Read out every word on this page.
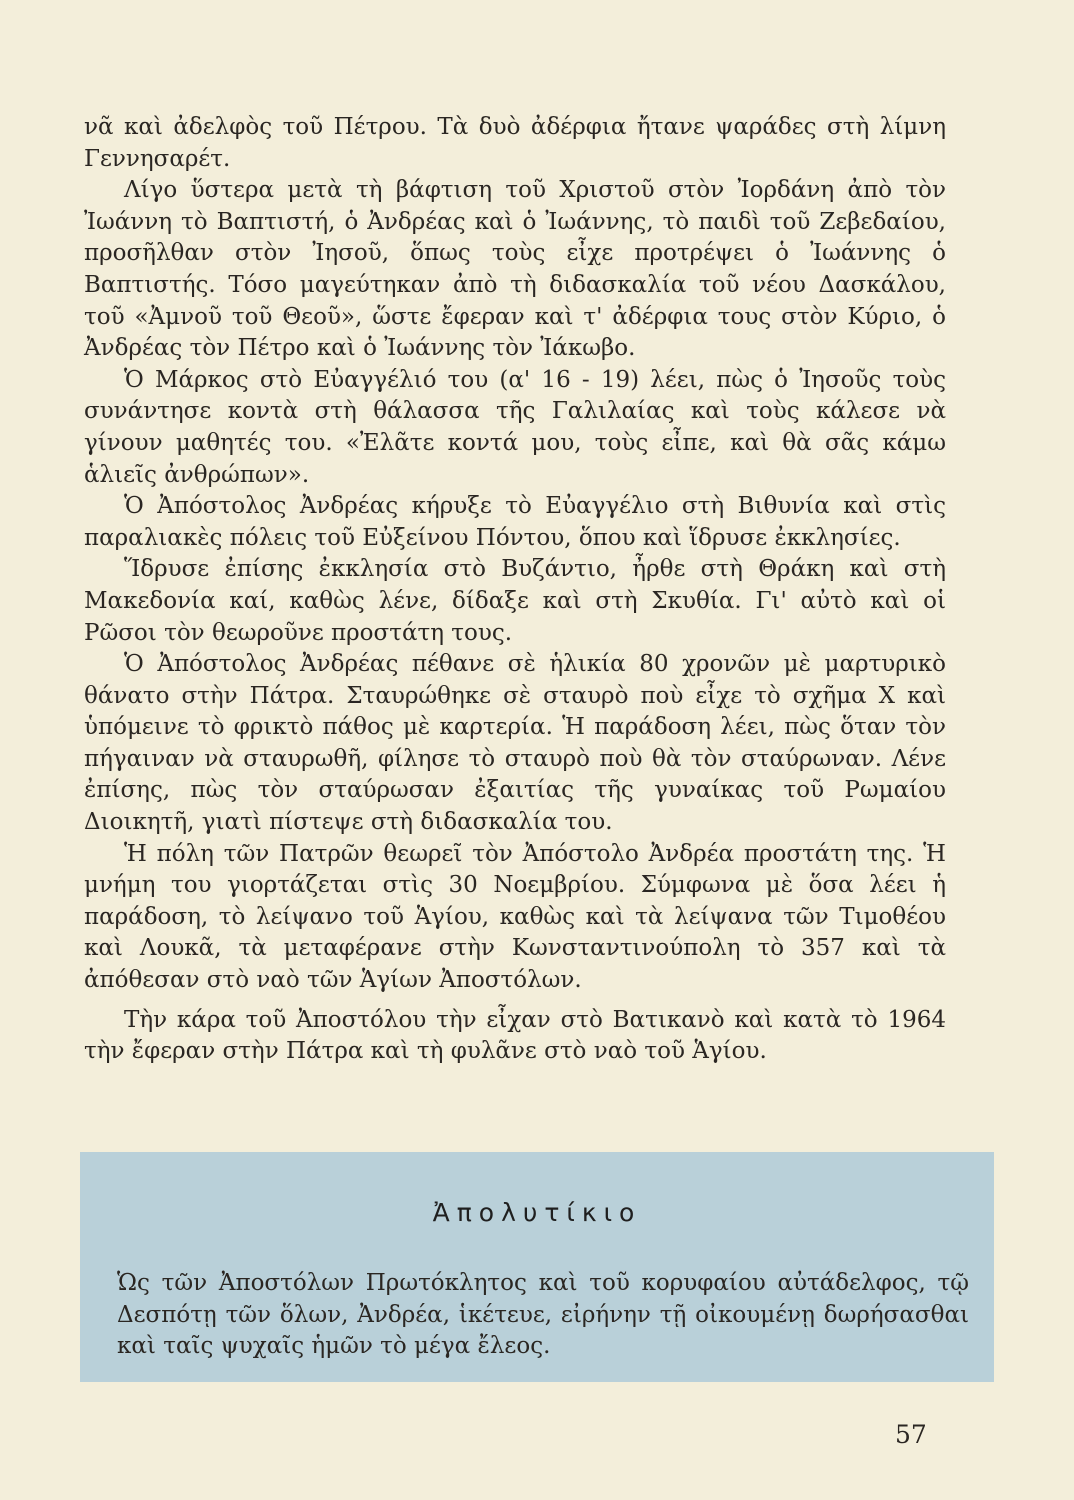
νᾶ καὶ ἀδελφὸς τοῦ Πέτρου. Τὰ δυὸ ἀδέρφια ἤτανε ψαράδες στὴ λίμνη Γεννησαρέτ.

Λίγο ὕστερα μετὰ τὴ βάφτιση τοῦ Χριστοῦ στὸν Ἰορδάνη ἀπὸ τὸν Ἰωάννη τὸ Βαπτιστή, ὁ Ἀνδρέας καὶ ὁ Ἰωάννης, τὸ παιδὶ τοῦ Ζεβεδαίου, προσῆλθαν στὸν Ἰησοῦ, ὅπως τοὺς εἶχε προτρέψει ὁ Ἰωάννης ὁ Βαπτιστής. Τόσο μαγεύτηκαν ἀπὸ τὴ διδασκαλία τοῦ νέου Δασκάλου, τοῦ «Ἀμνοῦ τοῦ Θεοῦ», ὥστε ἔφεραν καὶ τ' ἀδέρφια τους στὸν Κύριο, ὁ Ἀνδρέας τὸν Πέτρο καὶ ὁ Ἰωάννης τὸν Ἰάκωβο.

Ὁ Μάρκος στὸ Εὐαγγέλιό του (α' 16 - 19) λέει, πὼς ὁ Ἰησοῦς τοὺς συνάντησε κοντὰ στὴ θάλασσα τῆς Γαλιλαίας καὶ τοὺς κάλεσε νὰ γίνουν μαθητές του. «Ἐλᾶτε κοντά μου, τοὺς εἶπε, καὶ θὰ σᾶς κάμω ἁλιεῖς ἀνθρώπων».

Ὁ Ἀπόστολος Ἀνδρέας κήρυξε τὸ Εὐαγγέλιο στὴ Βιθυνία καὶ στὶς παραλιακὲς πόλεις τοῦ Εὐξείνου Πόντου, ὅπου καὶ ἵδρυσε ἐκκλησίες.

Ἵδρυσε ἐπίσης ἐκκλησία στὸ Βυζάντιο, ἦρθε στὴ Θράκη καὶ στὴ Μακεδονία καί, καθὼς λένε, δίδαξε καὶ στὴ Σκυθία. Γι' αὐτὸ καὶ οἱ Ρῶσοι τὸν θεωροῦνε προστάτη τους.

Ὁ Ἀπόστολος Ἀνδρέας πέθανε σὲ ἡλικία 80 χρονῶν μὲ μαρτυρικὸ θάνατο στὴν Πάτρα. Σταυρώθηκε σὲ σταυρὸ ποὺ εἶχε τὸ σχῆμα Χ καὶ ὑπόμεινε τὸ φρικτὸ πάθος μὲ καρτερία. Ἡ παράδοση λέει, πὼς ὅταν τὸν πήγαιναν νὰ σταυρωθῆ, φίλησε τὸ σταυρὸ ποὺ θὰ τὸν σταύρωναν. Λένε ἐπίσης, πὼς τὸν σταύρωσαν ἐξαιτίας τῆς γυναίκας τοῦ Ρωμαίου Διοικητῆ, γιατὶ πίστεψε στὴ διδασκαλία του.

Ἡ πόλη τῶν Πατρῶν θεωρεῖ τὸν Ἀπόστολο Ἀνδρέα προστάτη της. Ἡ μνήμη του γιορτάζεται στὶς 30 Νοεμβρίου. Σύμφωνα μὲ ὅσα λέει ἡ παράδοση, τὸ λείψανο τοῦ Ἁγίου, καθὼς καὶ τὰ λείψανα τῶν Τιμοθέου καὶ Λουκᾶ, τὰ μεταφέρανε στὴν Κωνσταντινούπολη τὸ 357 καὶ τὰ ἀπόθεσαν στὸ ναὸ τῶν Ἁγίων Ἀποστόλων.

Τὴν κάρα τοῦ Ἀποστόλου τὴν εἶχαν στὸ Βατικανὸ καὶ κατὰ τὸ 1964 τὴν ἔφεραν στὴν Πάτρα καὶ τὴ φυλᾶνε στὸ ναὸ τοῦ Ἁγίου.

Ἀπολυτίκιο
Ὡς τῶν Ἀποστόλων Πρωτόκλητος καὶ τοῦ κορυφαίου αὐτάδελφος, τῷ Δεσπότῃ τῶν ὅλων, Ἀνδρέα, ἱκέτευε, εἰρήνην τῇ οἰκουμένῃ δωρήσασθαι καὶ ταῖς ψυχαῖς ἡμῶν τὸ μέγα ἔλεος.
57
